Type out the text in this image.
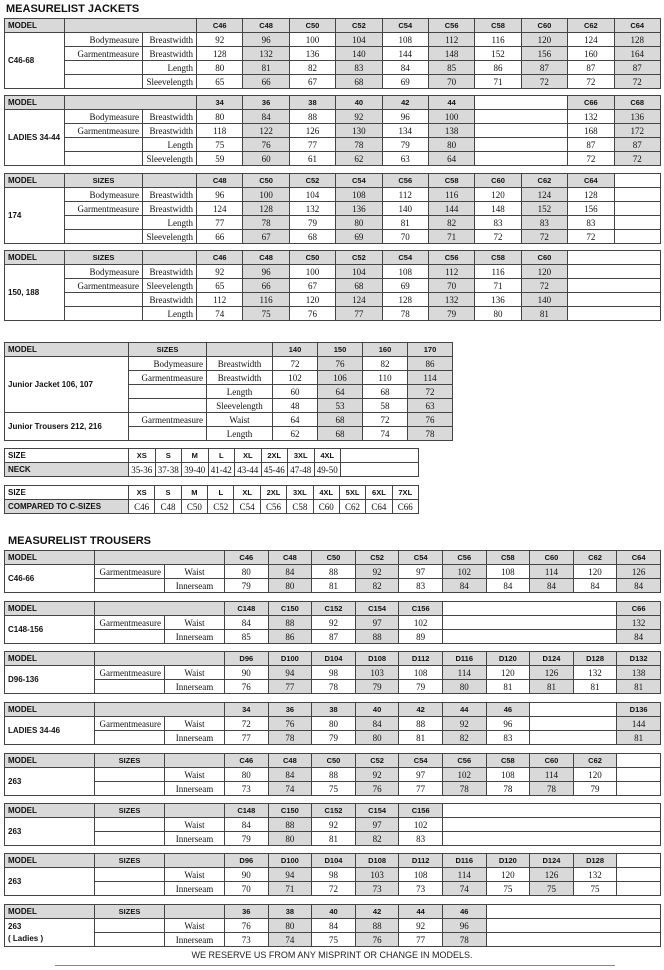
MEASURELIST JACKETS
MODEL			C46	C48	C50	C52	C54	C56	C58	C60	C62	C64
C46-68	Bodymeasure	Breastwidth	92	96	100	104	108	112	116	120	124	128
	Garmentmeasure	Breastwidth	128	132	136	140	144	148	152	156	160	164
		Length	80	81	82	83	84	85	86	87	87	87
		Sleevelength	65	66	67	68	69	70	71	72	72	72
MODEL			34	36	38	40	42	44		C66	C68
LADIES 34-44	Bodymeasure	Breastwidth	80	84	88	92	96	100		132	136
	Garmentmeasure	Breastwidth	118	122	126	130	134	138		168	172
		Length	75	76	77	78	79	80		87	87
		Sleevelength	59	60	61	62	63	64		72	72
MODEL	SIZES		C48	C50	C52	C54	C56	C58	C60	C62	C64	
174	Bodymeasure	Breastwidth	96	100	104	108	112	116	120	124	128	
	Garmentmeasure	Breastwidth	124	128	132	136	140	144	148	152	156	
		Length	77	78	79	80	81	82	83	83	83	
		Sleevelength	66	67	68	69	70	71	72	72	72	
MODEL	SIZES		C46	C48	C50	C52	C54	C56	C58	C60	
150, 188	Bodymeasure	Breastwidth	92	96	100	104	108	112	116	120	
	Garmentmeasure	Sleevelength	65	66	67	68	69	70	71	72	
		Breastwidth	112	116	120	124	128	132	136	140	
		Length	74	75	76	77	78	79	80	81	
MODEL	SIZES		140	150	160	170
Junior Jacket 106, 107	Bodymeasure	Breastwidth	72	76	82	86
	Garmentmeasure	Breastwidth	102	106	110	114
		Length	60	64	68	72
		Sleevelength	48	53	58	63
Junior Trousers 212, 216	Garmentmeasure	Waist	64	68	72	76
		Length	62	68	74	78
SIZE	XS	S	M	L	XL	2XL	3XL	4XL	
NECK	35-36	37-38	39-40	41-42	43-44	45-46	47-48	49-50	
SIZE	XS	S	M	L	XL	2XL	3XL	4XL	5XL	6XL	7XL
COMPARED TO C-SIZES	C46	C48	C50	C52	C54	C56	C58	C60	C62	C64	C66
MEASURELIST TROUSERS
MODEL			C46	C48	C50	C52	C54	C56	C58	C60	C62	C64
C46-66	Garmentmeasure	Waist	80	84	88	92	97	102	108	114	120	126
		Innerseam	79	80	81	82	83	84	84	84	84	84
MODEL			C148	C150	C152	C154	C156		C66
C148-156	Garmentmeasure	Waist	84	88	92	97	102		132
		Innerseam	85	86	87	88	89		84
MODEL			D96	D100	D104	D108	D112	D116	D120	D124	D128	D132
D96-136	Garmentmeasure	Waist	90	94	98	103	108	114	120	126	132	138
		Innerseam	76	77	78	79	79	80	81	81	81	81
MODEL			34	36	38	40	42	44	46		D136
LADIES 34-46	Garmentmeasure	Waist	72	76	80	84	88	92	96		144
		Innerseam	77	78	79	80	81	82	83		81
MODEL	SIZES		C46	C48	C50	C52	C54	C56	C58	C60	C62	
263		Waist	80	84	88	92	97	102	108	114	120	
		Innerseam	73	74	75	76	77	78	78	78	79	
MODEL	SIZES		C148	C150	C152	C154	C156	
263		Waist	84	88	92	97	102	
		Innerseam	79	80	81	82	83	
MODEL	SIZES		D96	D100	D104	D108	D112	D116	D120	D124	D128	
263		Waist	90	94	98	103	108	114	120	126	132	
		Innerseam	70	71	72	73	73	74	75	75	75	
MODEL	SIZES		36	38	40	42	44	46	
263
( Ladies )		Waist	76	80	84	88	92	96	
		Innerseam	73	74	75	76	77	78	
WE RESERVE US FROM ANY MISPRINT OR CHANGE IN MODELS.
